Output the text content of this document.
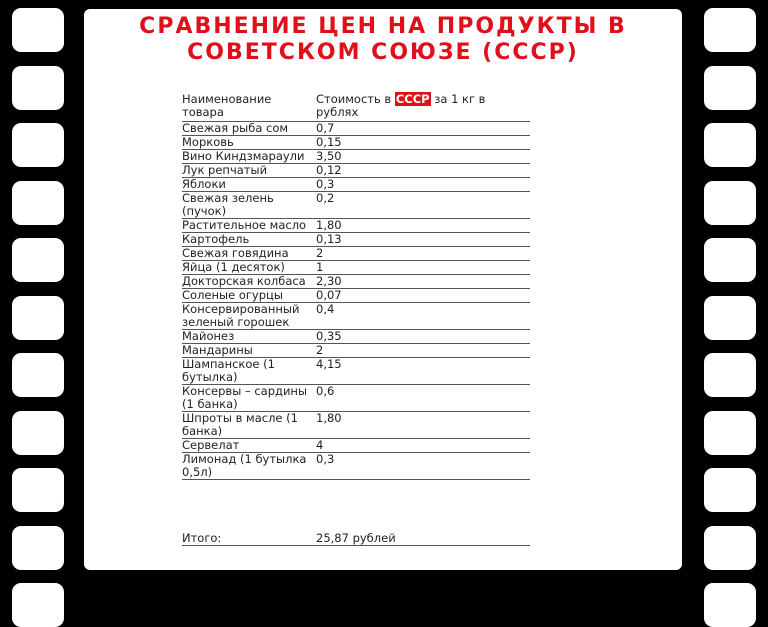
СРАВНЕНИЕ ЦЕН НА ПРОДУКТЫ В
СОВЕТСКОМ СОЮЗЕ (СССР)
Наименование товара	Стоимость в СССР за 1 кг в рублях
Свежая рыба сом	0,7
Морковь	0,15
Вино Киндзмараули	3,50
Лук репчатый	0,12
Яблоки	0,3
Свежая зелень (пучок)	0,2
Растительное масло	1,80
Картофель	0,13
Свежая говядина	2
Яйца (1 десяток)	1
Докторская колбаса	2,30
Соленые огурцы	0,07
Консервированный зеленый горошек	0,4
Майонез	0,35
Мандарины	2
Шампанское (1 бутылка)	4,15
Консервы – сардины (1 банка)	0,6
Шпроты в масле (1 банка)	1,80
Сервелат	4
Лимонад (1 бутылка 0,5л)	0,3
Итого:	25,87 рублей
